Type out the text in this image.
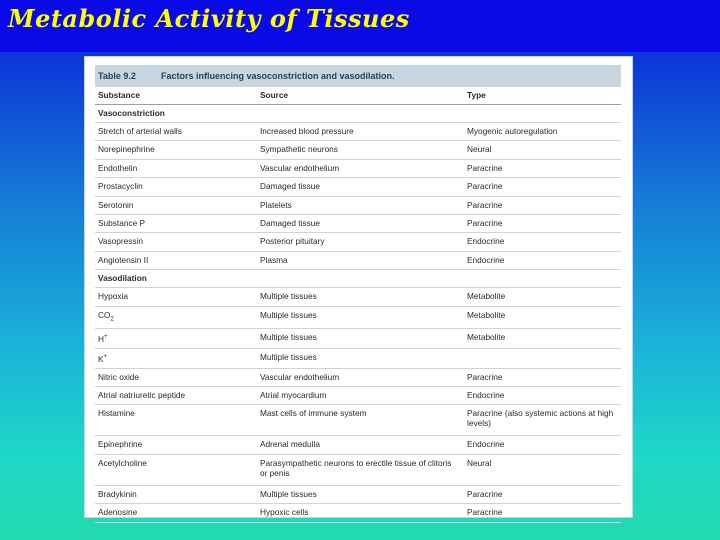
Metabolic Activity of Tissues
Table 9.2	Factors influencing vasoconstriction and vasodilation.
Substance	Source	Type
Vasoconstriction		
Stretch of arterial walls	Increased blood pressure	Myogenic autoregulation
Norepinephrine	Sympathetic neurons	Neural
Endothelin	Vascular endothelium	Paracrine
Prostacyclin	Damaged tissue	Paracrine
Serotonin	Platelets	Paracrine
Substance P	Damaged tissue	Paracrine
Vasopressin	Posterior pituitary	Endocrine
Angiotensin II	Plasma	Endocrine
Vasodilation		
Hypoxia	Multiple tissues	Metabolite
$CO_2$	Multiple tissues	Metabolite
H+	Multiple tissues	Metabolite
K+	Multiple tissues	
Nitric oxide	Vascular endothelium	Paracrine
Atrial natriuretic peptide	Atrial myocardium	Endocrine
Histamine	Mast cells of immune system	Paracrine (also systemic actions at high levels)
Epinephrine	Adrenal medulla	Endocrine
Acetylcholine	Parasympathetic neurons to erectile tissue of clitoris or penis	Neural
Bradykinin	Multiple tissues	Paracrine
Adenosine	Hypoxic cells	Paracrine
